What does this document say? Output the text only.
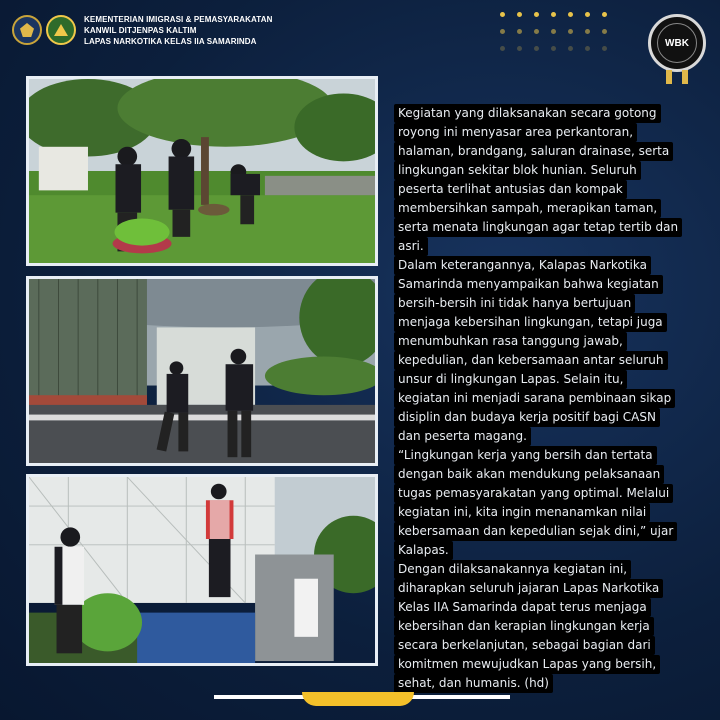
KEMENTERIAN IMIGRASI & PEMASYARAKATAN
KANWIL DITJENPAS KALTIM
LAPAS NARKOTIKA KELAS IIA SAMARINDA	WBK
Kegiatan yang dilaksanakan secara gotong
royong ini menyasar area perkantoran,
halaman, brandgang, saluran drainase, serta
lingkungan sekitar blok hunian. Seluruh
peserta terlihat antusias dan kompak
membersihkan sampah, merapikan taman,
serta menata lingkungan agar tetap tertib dan
asri.
Dalam keterangannya, Kalapas Narkotika
Samarinda menyampaikan bahwa kegiatan
bersih-bersih ini tidak hanya bertujuan
menjaga kebersihan lingkungan, tetapi juga
menumbuhkan rasa tanggung jawab,
kepedulian, dan kebersamaan antar seluruh
unsur di lingkungan Lapas. Selain itu,
kegiatan ini menjadi sarana pembinaan sikap
disiplin dan budaya kerja positif bagi CASN
dan peserta magang.
“Lingkungan kerja yang bersih dan tertata
dengan baik akan mendukung pelaksanaan
tugas pemasyarakatan yang optimal. Melalui
kegiatan ini, kita ingin menanamkan nilai
kebersamaan dan kepedulian sejak dini,” ujar
Kalapas.
Dengan dilaksanakannya kegiatan ini,
diharapkan seluruh jajaran Lapas Narkotika
Kelas IIA Samarinda dapat terus menjaga
kebersihan dan kerapian lingkungan kerja
secara berkelanjutan, sebagai bagian dari
komitmen mewujudkan Lapas yang bersih,
sehat, dan humanis. (hd)
